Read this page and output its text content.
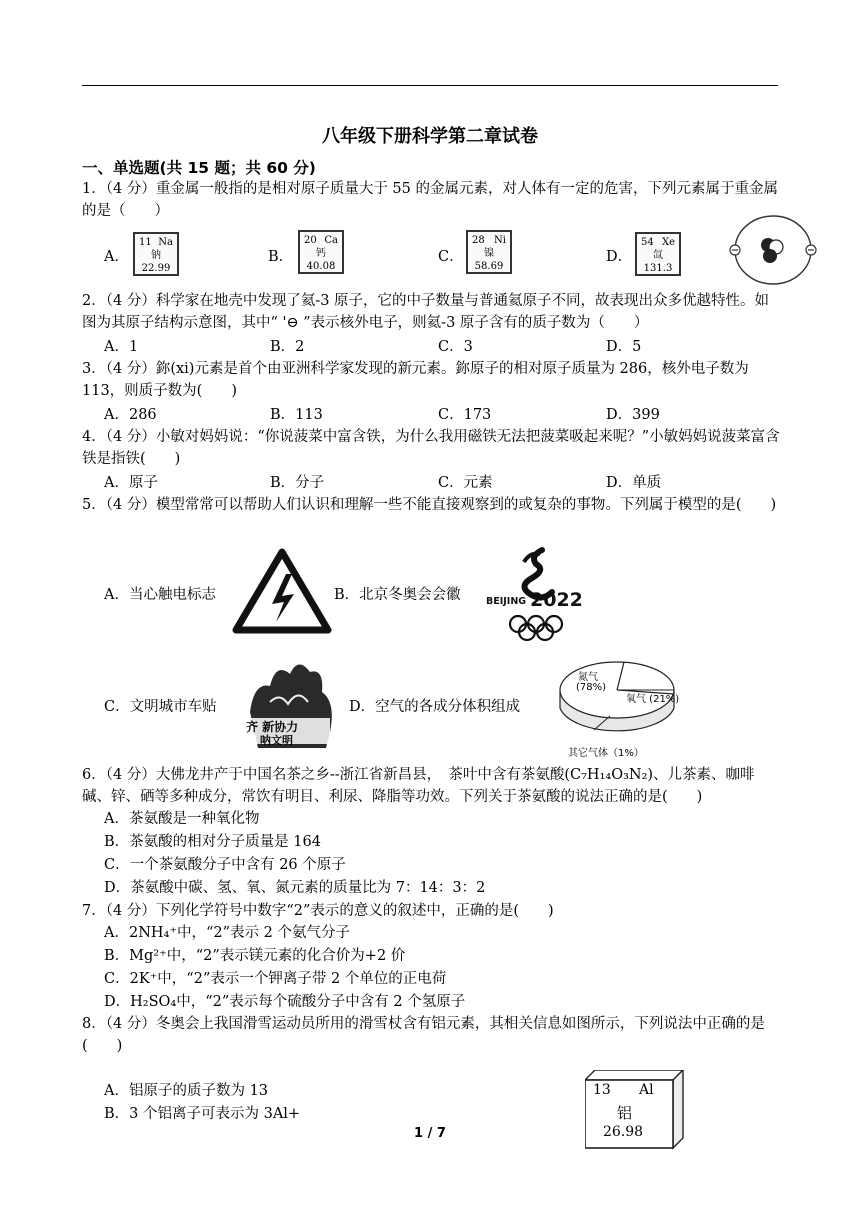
八年级下册科学第二章试卷
一、单选题(共 15 题；共 60 分)
1．（4 分）重金属一般指的是相对原子质量大于 55 的金属元素，对人体有一定的危害，下列元素属于重金属的是（　　）
A．	B．	C．	D．
11 Na
钠
22.99
20 Ca
钙
40.08
28 Ni
镍
58.69
54 Xe
氙
131.3
2．（4 分）科学家在地壳中发现了氦-3 原子，它的中子数量与普通氦原子不同，故表现出众多优越特性。如图为其原子结构示意图，其中“ '⊖ ”表示核外电子，则氦-3 原子含有的质子数为（　　）
A．1	B．2	C．3	D．5
3．（4 分）鉨(xi)元素是首个由亚洲科学家发现的新元素。鉨原子的相对原子质量为 286，核外电子数为 113，则质子数为(　　)
A．286	B．113	C．173	D．399
4．（4 分）小敏对妈妈说：“你说菠菜中富含铁，为什么我用磁铁无法把菠菜吸起来呢？”小敏妈妈说菠菜富含铁是指铁(　　)
A．原子	B．分子	C．元素	D．单质
5．（4 分）模型常常可以帮助人们认识和理解一些不能直接观察到的或复杂的事物。下列属于模型的是(　　)
A．当心触电标志	B．北京冬奥会会徽
C．文明城市车贴	D．空气的各成分体积组成
BEIJING 2022
齐 新协力
呐文明
氮气
(78%)
氧气 (21%)
其它气体（1%）
6．（4 分）大佛龙井产于中国名茶之乡--浙江省新昌县，　茶叶中含有茶氨酸(C₇H₁₄O₃N₂)、儿茶素、咖啡碱、锌、硒等多种成分，常饮有明目、利尿、降脂等功效。下列关于茶氨酸的说法正确的是(　　)
A．茶氨酸是一种氧化物
B．茶氨酸的相对分子质量是 164
C．一个茶氨酸分子中含有 26 个原子
D．茶氨酸中碳、氢、氧、氮元素的质量比为 7：14：3：2
7．（4 分）下列化学符号中数字“2”表示的意义的叙述中，正确的是(　　)
A．2NH₄⁺中，“2”表示 2 个氨气分子
B．Mg²⁺中，“2”表示镁元素的化合价为+2 价
C．2K⁺中，“2”表示一个钾离子带 2 个单位的正电荷
D．H₂SO₄中，“2”表示每个硫酸分子中含有 2 个氢原子
8．（4 分）冬奥会上我国滑雪运动员所用的滑雪杖含有铝元素，其相关信息如图所示，下列说法中正确的是(　　)
A．铝原子的质子数为 13
B．3 个铝离子可表示为 3Al+
13 Al
铝
26.98
1 / 7
